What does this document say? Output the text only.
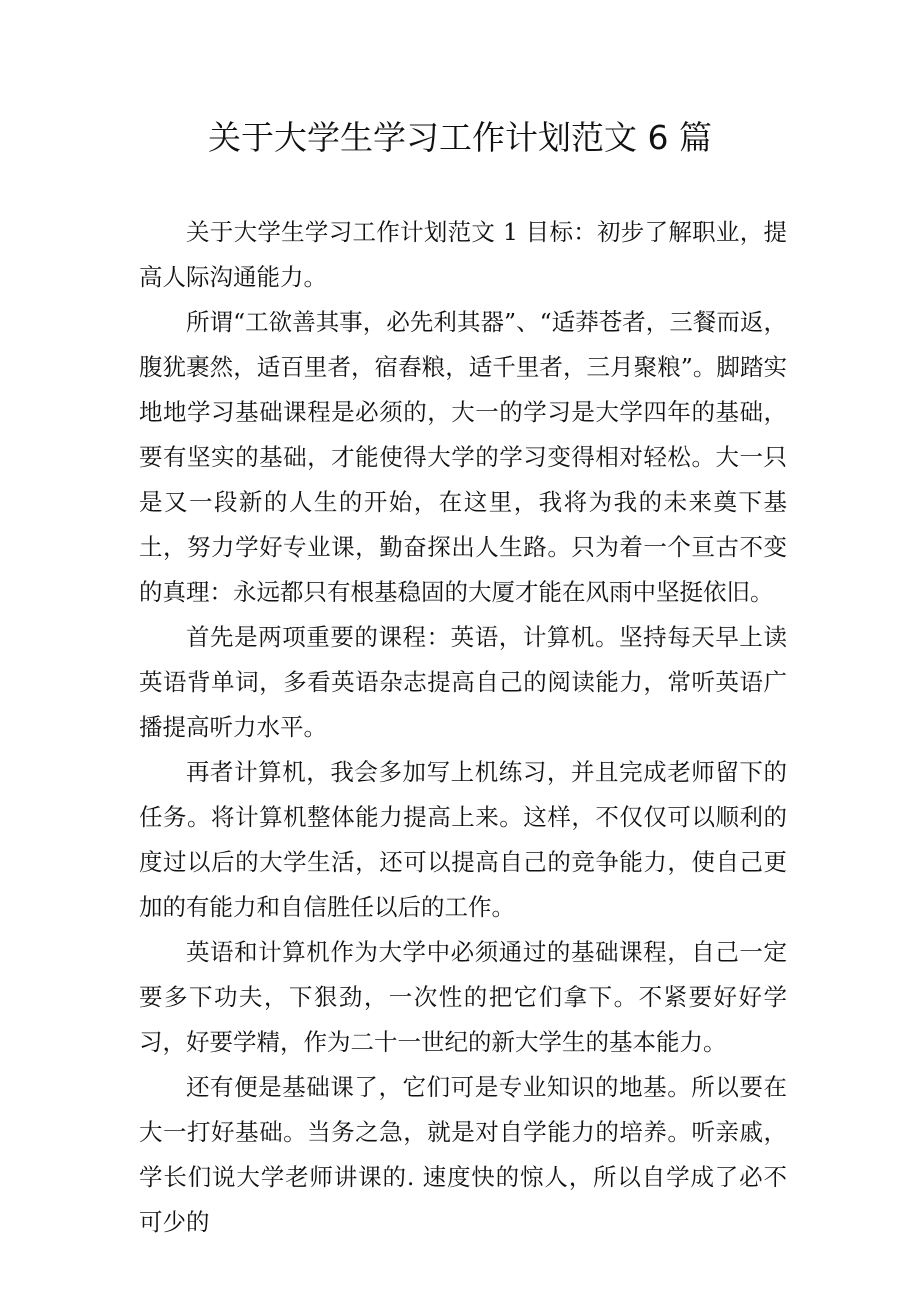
关于大学生学习工作计划范文 6 篇

关于大学生学习工作计划范文 1 目标：初步了解职业，提高人际沟通能力。

所谓“工欲善其事，必先利其器”、“适莽苍者，三餐而返，腹犹裹然，适百里者，宿舂粮，适千里者，三月聚粮”。脚踏实地地学习基础课程是必须的，大一的学习是大学四年的基础，要有坚实的基础，才能使得大学的学习变得相对轻松。大一只是又一段新的人生的开始，在这里，我将为我的未来奠下基土，努力学好专业课，勤奋探出人生路。只为着一个亘古不变的真理：永远都只有根基稳固的大厦才能在风雨中坚挺依旧。

首先是两项重要的课程：英语，计算机。坚持每天早上读英语背单词，多看英语杂志提高自己的阅读能力，常听英语广播提高听力水平。

再者计算机，我会多加写上机练习，并且完成老师留下的任务。将计算机整体能力提高上来。这样，不仅仅可以顺利的度过以后的大学生活，还可以提高自己的竞争能力，使自己更加的有能力和自信胜任以后的工作。

英语和计算机作为大学中必须通过的基础课程，自己一定要多下功夫，下狠劲，一次性的把它们拿下。不紧要好好学习，好要学精，作为二十一世纪的新大学生的基本能力。

还有便是基础课了，它们可是专业知识的地基。所以要在大一打好基础。当务之急，就是对自学能力的培养。听亲戚，学长们说大学老师讲课的. 速度快的惊人，所以自学成了必不可少的
